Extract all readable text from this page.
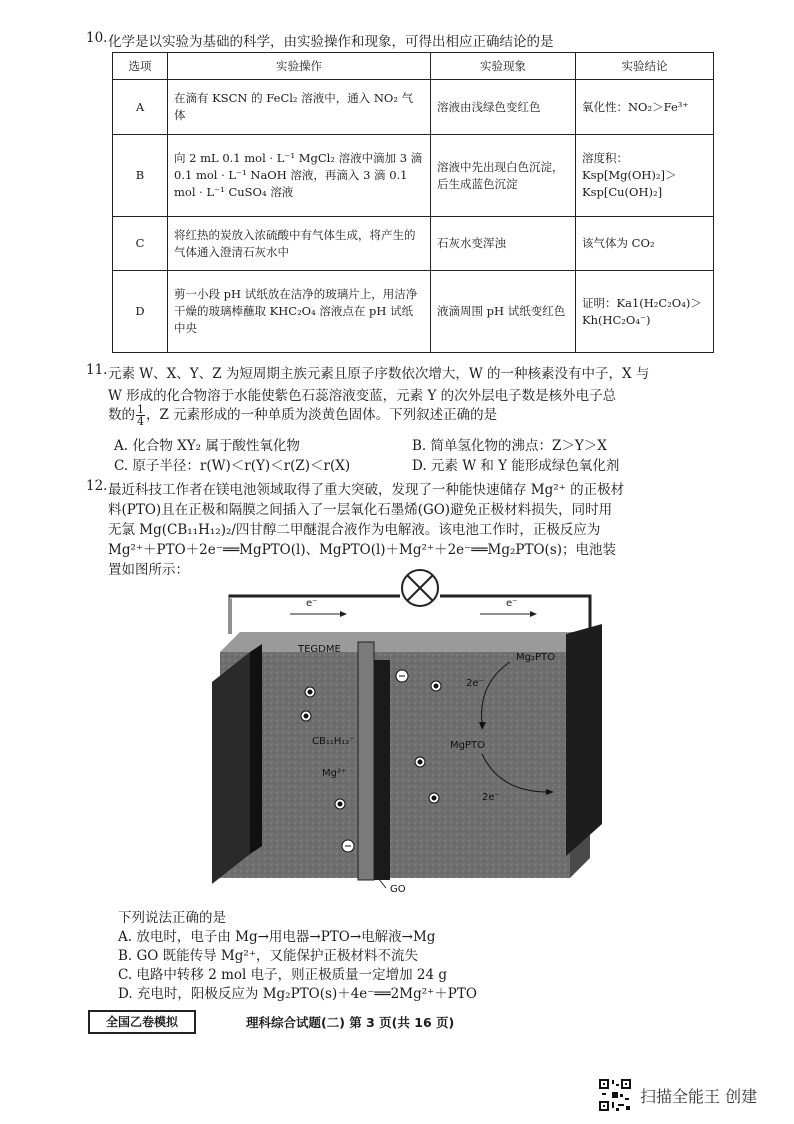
10. 化学是以实验为基础的科学，由实验操作和现象，可得出相应正确结论的是
选项	实验操作	实验现象	实验结论
A	在滴有 KSCN 的 FeCl₂ 溶液中，通入 NO₂ 气体	溶液由浅绿色变红色	氧化性：NO₂＞Fe³⁺
B	向 2 mL 0.1 mol · L⁻¹ MgCl₂ 溶液中滴加 3 滴 0.1 mol · L⁻¹ NaOH 溶液，再滴入 3 滴 0.1 mol · L⁻¹ CuSO₄ 溶液	溶液中先出现白色沉淀，后生成蓝色沉淀	溶度积：Ksp[Mg(OH)₂]＞Ksp[Cu(OH)₂]
C	将红热的炭放入浓硫酸中有气体生成，将产生的气体通入澄清石灰水中	石灰水变浑浊	该气体为 CO₂
D	剪一小段 pH 试纸放在洁净的玻璃片上，用洁净干燥的玻璃棒蘸取 KHC₂O₄ 溶液点在 pH 试纸中央	液滴周围 pH 试纸变红色	证明：Ka1(H₂C₂O₄)＞Kh(HC₂O₄⁻)
11. 元素 W、X、Y、Z 为短周期主族元素且原子序数依次增大，W 的一种核素没有中子，X 与
W 形成的化合物溶于水能使紫色石蕊溶液变蓝，元素 Y 的次外层电子数是核外电子总
数的 $\frac{1}{4}$ ，Z 元素形成的一种单质为淡黄色固体。下列叙述正确的是
A. 化合物 XY₂ 属于酸性氧化物	B. 简单氢化物的沸点：Z＞Y＞X
C. 原子半径：r(W)＜r(Y)＜r(Z)＜r(X)	D. 元素 W 和 Y 能形成绿色氧化剂
12. 最近科技工作者在镁电池领域取得了重大突破，发现了一种能快速储存 Mg²⁺ 的正极材
料(PTO)且在正极和隔膜之间插入了一层氧化石墨烯(GO)避免正极材料损失，同时用
无氯 Mg(CB₁₁H₁₂)₂/四甘醇二甲醚混合液作为电解液。该电池工作时，正极反应为
Mg²⁺＋PTO＋2e⁻══MgPTO(l)、MgPTO(l)＋Mg²⁺＋2e⁻══Mg₂PTO(s)；电池装
置如图所示：
TEGDME
CB₁₁H₁₂⁻
Mg²⁺
Mg₂PTO
2e⁻
MgPTO
2e⁻
GO
e⁻	e⁻
下列说法正确的是
A. 放电时，电子由 Mg→用电器→PTO→电解液→Mg
B. GO 既能传导 Mg²⁺，又能保护正极材料不流失
C. 电路中转移 2 mol 电子，则正极质量一定增加 24 g
D. 充电时，阳极反应为 Mg₂PTO(s)＋4e⁻══2Mg²⁺＋PTO
全国乙卷模拟	理科综合试题(二) 第 3 页(共 16 页)
扫描全能王 创建
